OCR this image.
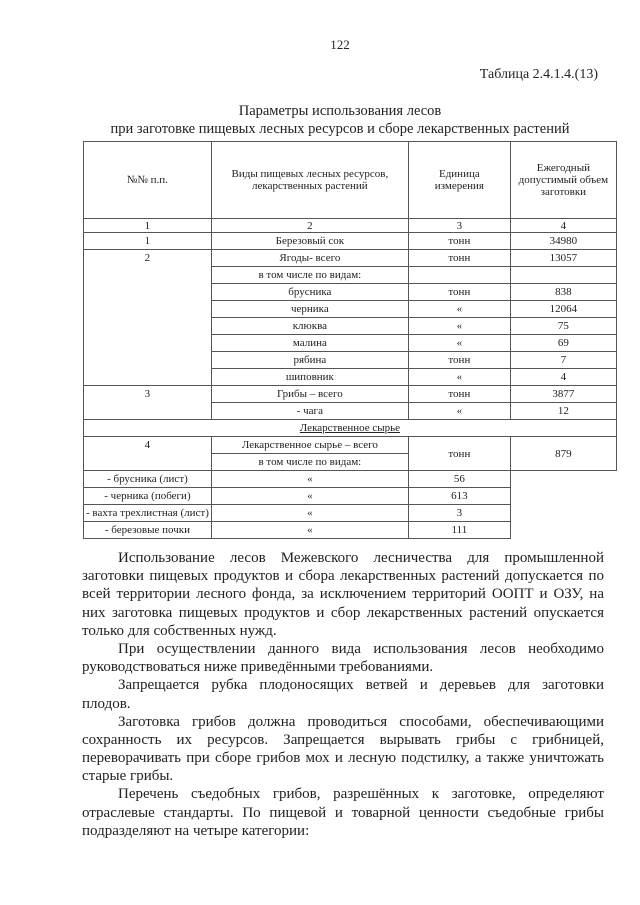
122
Таблица 2.4.1.4.(13)
Параметры использования лесов
при заготовке пищевых лесных ресурсов и сборе лекарственных растений
№№ п.п.	Виды пищевых лесных ресурсов, лекарственных растений	Единица измерения	Ежегодный допустимый объем заготовки
1	2	3	4
1	Березовый сок	тонн	34980
2	Ягоды- всего	тонн	13057
	в том числе по видам:		
	брусника	тонн	838
	черника	«	12064
	клюква	«	75
	малина	«	69
	рябина	тонн	7
	шиповник	«	4
3	Грибы – всего	тонн	3877
	- чага	«	12
Лекарственное сырье			
4	Лекарственное сырье – всего	тонн	879
	в том числе по видам:		
- брусника (лист)	«	56	
- черника (побеги)	«	613	
- вахта трехлистная (лист)	«	3	
- березовые почки	«	111	
Использование лесов Межевского лесничества для промышленной
заготовки пищевых продуктов и сбора лекарственных растений допускается по
всей территории лесного фонда, за исключением территорий ООПТ и ОЗУ, на
них заготовка пищевых продуктов и сбор лекарственных растений опускается
только для собственных нужд.
При осуществлении данного вида использования лесов необходимо
руководствоваться ниже приведёнными требованиями.
Запрещается рубка плодоносящих ветвей и деревьев для заготовки
плодов.
Заготовка грибов должна проводиться способами, обеспечивающими
сохранность их ресурсов. Запрещается вырывать грибы с грибницей,
переворачивать при сборе грибов мох и лесную подстилку, а также уничтожать
старые грибы.
Перечень съедобных грибов, разрешённых к заготовке, определяют
отраслевые стандарты. По пищевой и товарной ценности съедобные грибы
подразделяют на четыре категории:
